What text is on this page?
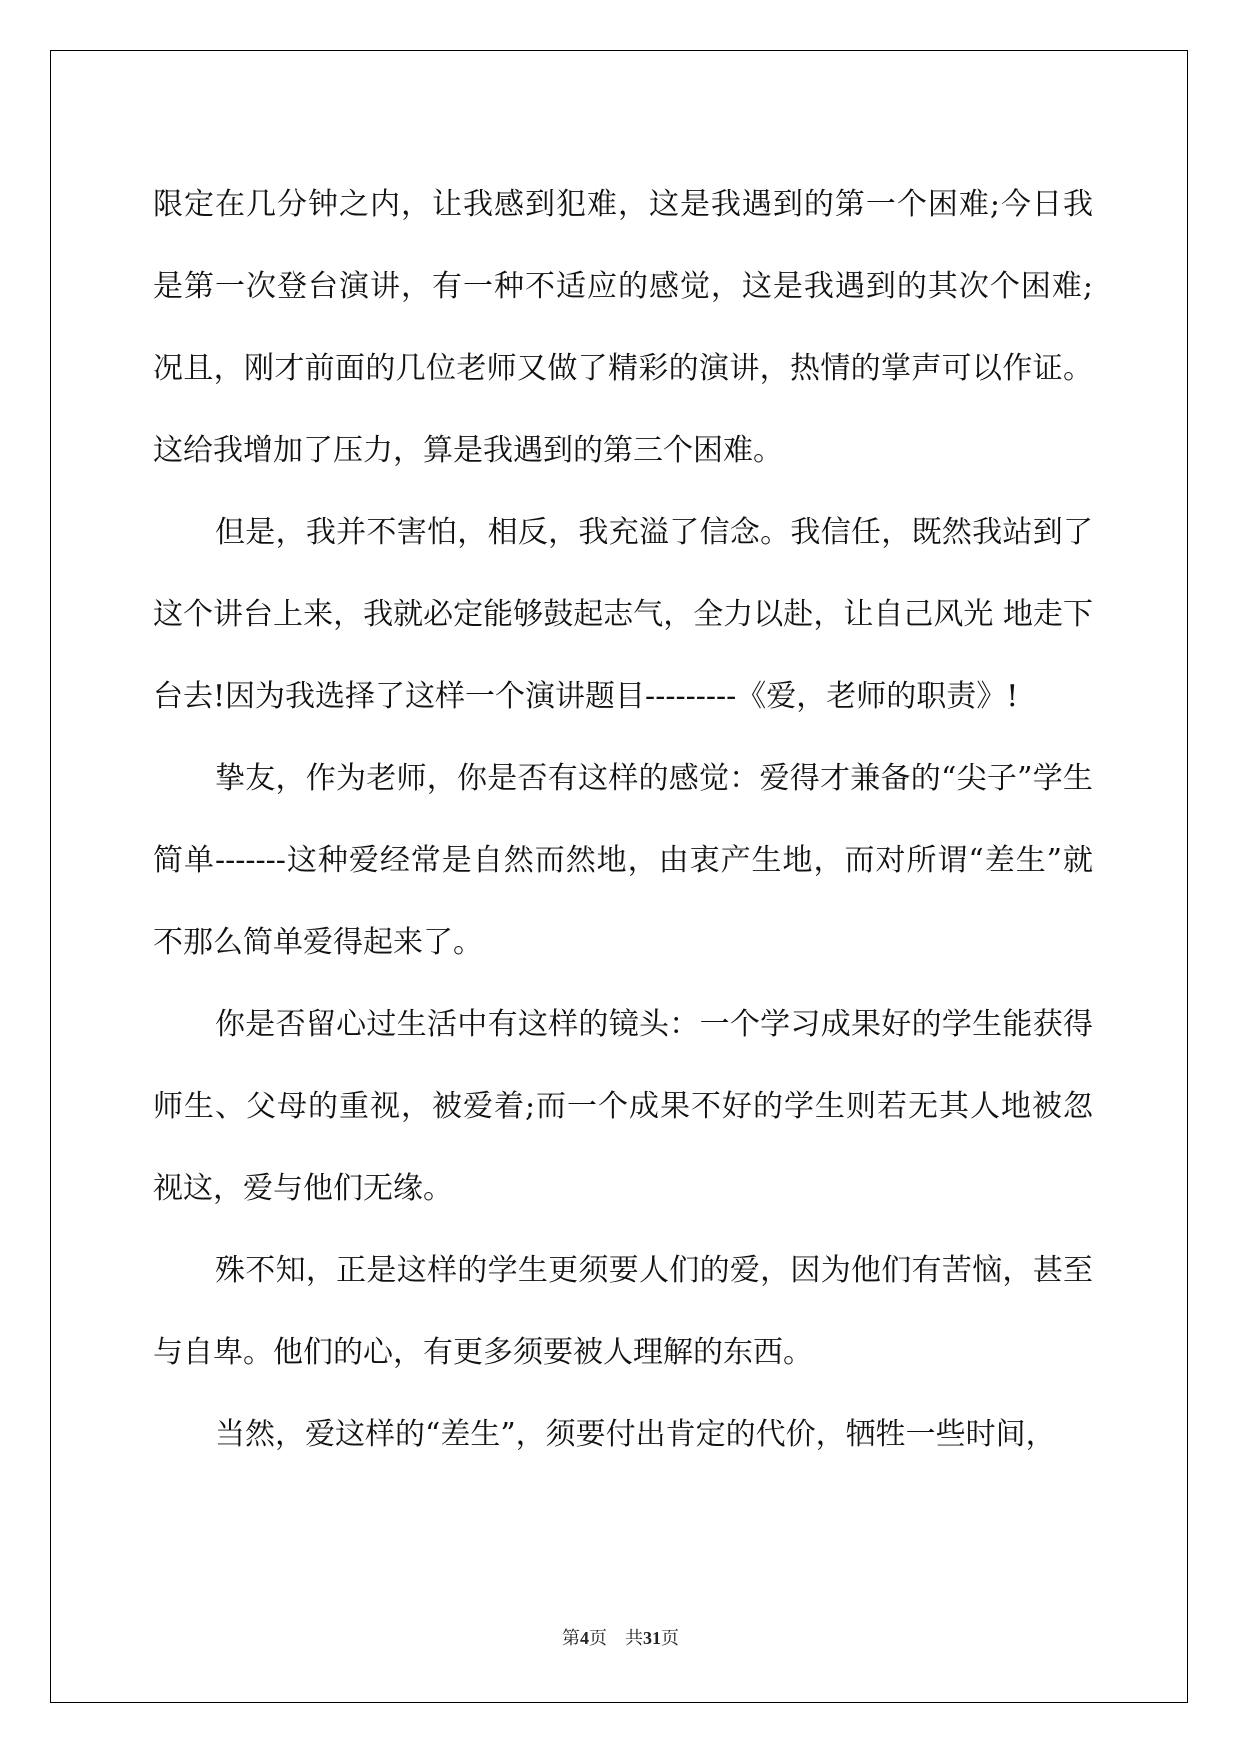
限定在几分钟之内，让我感到犯难，这是我遇到的第一个困难;今日我是第一次登台演讲，有一种不适应的感觉，这是我遇到的其次个困难;况且，刚才前面的几位老师又做了精彩的演讲，热情的掌声可以作证。这给我增加了压力，算是我遇到的第三个困难。

但是，我并不害怕，相反，我充溢了信念。我信任，既然我站到了这个讲台上来，我就必定能够鼓起志气，全力以赴，让自己风光 地走下台去!因为我选择了这样一个演讲题目---------《爱，老师的职责》!

挚友，作为老师，你是否有这样的感觉：爱得才兼备的“尖子”学生简单-------这种爱经常是自然而然地，由衷产生地，而对所谓“差生”就不那么简单爱得起来了。

你是否留心过生活中有这样的镜头：一个学习成果好的学生能获得师生、父母的重视，被爱着;而一个成果不好的学生则若无其人地被忽视这，爱与他们无缘。

殊不知，正是这样的学生更须要人们的爱，因为他们有苦恼，甚至与自卑。他们的心，有更多须要被人理解的东西。

当然，爱这样的“差生”，须要付出肯定的代价，牺牲一些时间，

第4页 共31页
